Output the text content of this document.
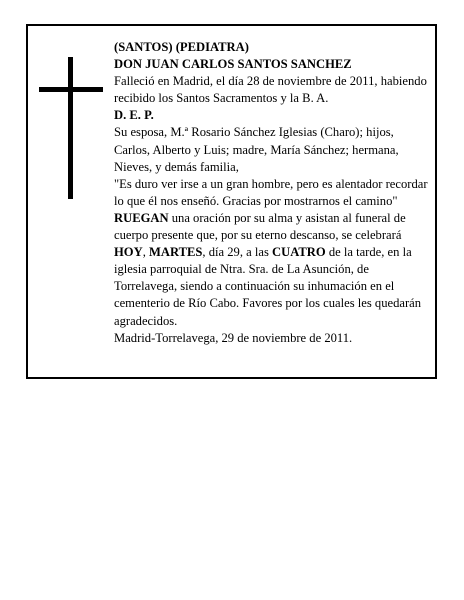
(SANTOS) (PEDIATRA)

DON JUAN CARLOS SANTOS SANCHEZ

Falleció en Madrid, el día 28 de noviembre de 2011, habiendo recibido los Santos Sacramentos y la B. A.

D. E. P.

Su esposa, M.ª Rosario Sánchez Iglesias (Charo); hijos, Carlos, Alberto y Luis; madre, María Sánchez; hermana, Nieves, y demás familia,

"Es duro ver irse a un gran hombre, pero es alentador recordar lo que él nos enseñó. Gracias por mostrarnos el camino"

RUEGAN una oración por su alma y asistan al funeral de cuerpo presente que, por su eterno descanso, se celebrará HOY, MARTES, día 29, a las CUATRO de la tarde, en la iglesia parroquial de Ntra. Sra. de La Asunción, de Torrelavega, siendo a continuación su inhumación en el cementerio de Río Cabo. Favores por los cuales les quedarán agradecidos.

Madrid-Torrelavega, 29 de noviembre de 2011.
